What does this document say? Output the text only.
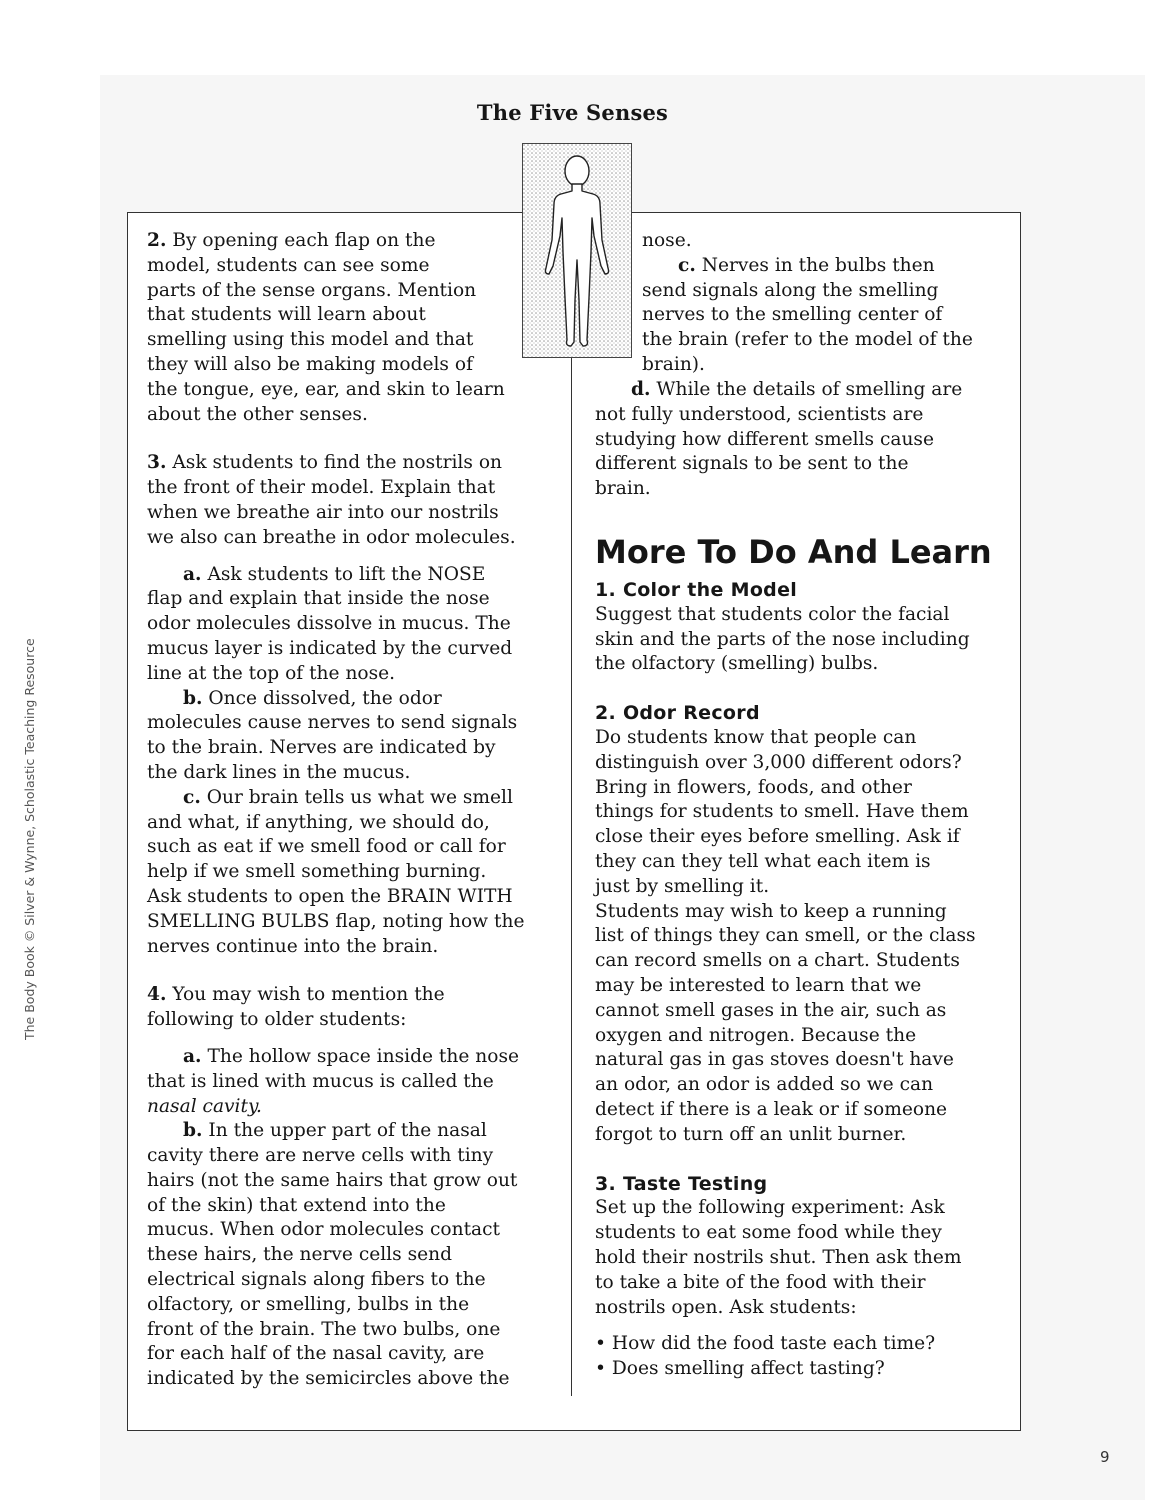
The Body Book © Silver & Wynne, Scholastic Teaching Resource
The Five Senses

2. By opening each flap on the

model, students can see some

parts of the sense organs. Mention

that students will learn about

smelling using this model and that

they will also be making models of

the tongue, eye, ear, and skin to learn

about the other senses.

3. Ask students to find the nostrils on

the front of their model. Explain that

when we breathe air into our nostrils

we also can breathe in odor molecules.

a. Ask students to lift the NOSE

flap and explain that inside the nose

odor molecules dissolve in mucus. The

mucus layer is indicated by the curved

line at the top of the nose.

b. Once dissolved, the odor

molecules cause nerves to send signals

to the brain. Nerves are indicated by

the dark lines in the mucus.

c. Our brain tells us what we smell

and what, if anything, we should do,

such as eat if we smell food or call for

help if we smell something burning.

Ask students to open the BRAIN WITH

SMELLING BULBS flap, noting how the

nerves continue into the brain.

4. You may wish to mention the

following to older students:

a. The hollow space inside the nose

that is lined with mucus is called the

nasal cavity.

b. In the upper part of the nasal

cavity there are nerve cells with tiny

hairs (not the same hairs that grow out

of the skin) that extend into the

mucus. When odor molecules contact

these hairs, the nerve cells send

electrical signals along fibers to the

olfactory, or smelling, bulbs in the

front of the brain. The two bulbs, one

for each half of the nasal cavity, are

indicated by the semicircles above the

nose.

c. Nerves in the bulbs then

send signals along the smelling

nerves to the smelling center of

the brain (refer to the model of the

brain).

d. While the details of smelling are

not fully understood, scientists are

studying how different smells cause

different signals to be sent to the

brain.

More To Do And Learn

1. Color the Model

Suggest that students color the facial

skin and the parts of the nose including

the olfactory (smelling) bulbs.

2. Odor Record

Do students know that people can

distinguish over 3,000 different odors?

Bring in flowers, foods, and other

things for students to smell. Have them

close their eyes before smelling. Ask if

they can they tell what each item is

just by smelling it.

Students may wish to keep a running

list of things they can smell, or the class

can record smells on a chart. Students

may be interested to learn that we

cannot smell gases in the air, such as

oxygen and nitrogen. Because the

natural gas in gas stoves doesn't have

an odor, an odor is added so we can

detect if there is a leak or if someone

forgot to turn off an unlit burner.

3. Taste Testing

Set up the following experiment: Ask

students to eat some food while they

hold their nostrils shut. Then ask them

to take a bite of the food with their

nostrils open. Ask students:

• How did the food taste each time?

• Does smelling affect tasting?

9
